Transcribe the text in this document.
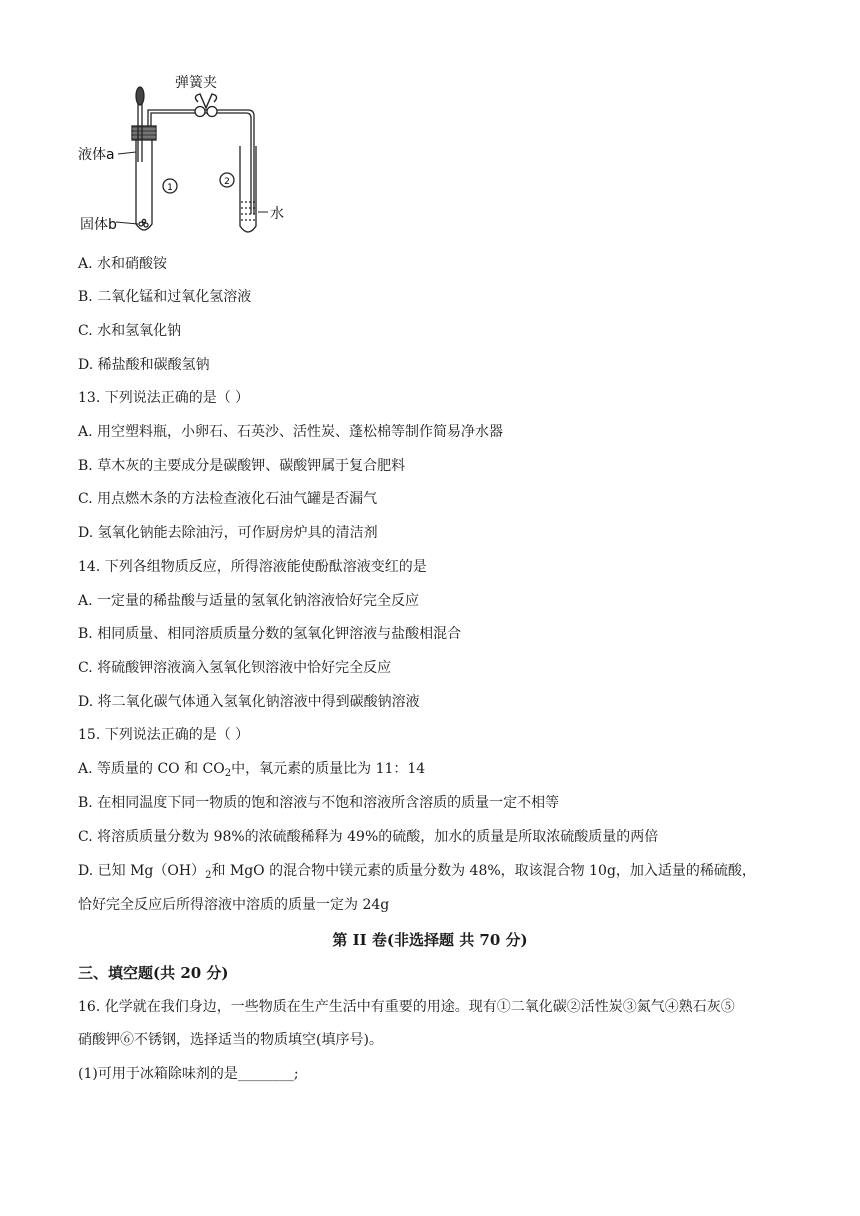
1
2
弹簧夹
液体a
固体b
水
A. 水和硝酸铵
B. 二氧化锰和过氧化氢溶液
C. 水和氢氧化钠
D. 稀盐酸和碳酸氢钠
13. 下列说法正确的是（ ）
A. 用空塑料瓶，小卵石、石英沙、活性炭、蓬松棉等制作简易净水器
B. 草木灰的主要成分是碳酸钾、碳酸钾属于复合肥料
C. 用点燃木条的方法检查液化石油气罐是否漏气
D. 氢氧化钠能去除油污，可作厨房炉具的清洁剂
14. 下列各组物质反应，所得溶液能使酚酞溶液变红的是
A. 一定量的稀盐酸与适量的氢氧化钠溶液恰好完全反应
B. 相同质量、相同溶质质量分数的氢氧化钾溶液与盐酸相混合
C. 将硫酸钾溶液滴入氢氧化钡溶液中恰好完全反应
D. 将二氧化碳气体通入氢氧化钠溶液中得到碳酸钠溶液
15. 下列说法正确的是（ ）
A. 等质量的 CO 和 $CO_2$中，氧元素的质量比为 11：14
B. 在相同温度下同一物质的饱和溶液与不饱和溶液所含溶质的质量一定不相等
C. 将溶质质量分数为 98%的浓硫酸稀释为 49%的硫酸，加水的质量是所取浓硫酸质量的两倍
D. 已知 $Mg(OH)_2$和 MgO 的混合物中镁元素的质量分数为 48%，取该混合物 10g，加入适量的稀硫酸，
恰好完全反应后所得溶液中溶质的质量一定为 24g
第 II 卷(非选择题 共 70 分)
三、填空题(共 20 分)
16. 化学就在我们身边，一些物质在生产生活中有重要的用途。现有①二氧化碳②活性炭③氮气④熟石灰⑤
硝酸钾⑥不锈钢，选择适当的物质填空(填序号)。
(1)可用于冰箱除味剂的是________;
